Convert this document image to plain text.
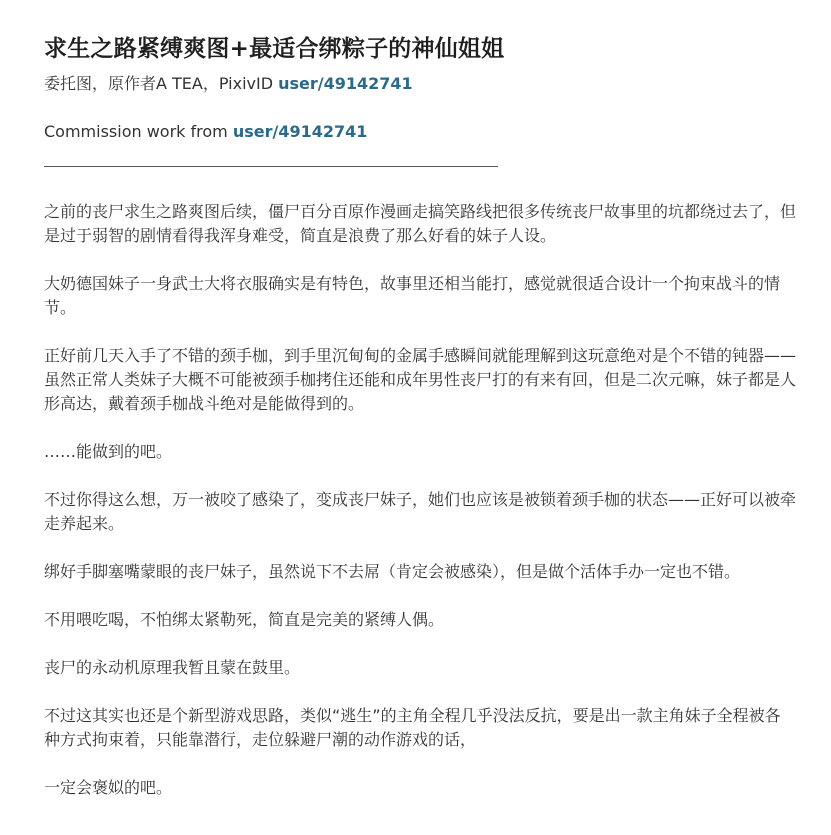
求生之路紧缚爽图+最适合绑粽子的神仙姐姐
委托图，原作者A TEA，PixivID user/49142741
Commission work from user/49142741

之前的丧尸求生之路爽图后续，僵尸百分百原作漫画走搞笑路线把很多传统丧尸故事里的坑都绕过去了，但是过于弱智的剧情看得我浑身难受，简直是浪费了那么好看的妹子人设。

大奶德国妹子一身武士大将衣服确实是有特色，故事里还相当能打，感觉就很适合设计一个拘束战斗的情节。

正好前几天入手了不错的颈手枷，到手里沉甸甸的金属手感瞬间就能理解到这玩意绝对是个不错的钝器——虽然正常人类妹子大概不可能被颈手枷拷住还能和成年男性丧尸打的有来有回，但是二次元嘛，妹子都是人形高达，戴着颈手枷战斗绝对是能做得到的。

……能做到的吧。

不过你得这么想，万一被咬了感染了，变成丧尸妹子，她们也应该是被锁着颈手枷的状态——正好可以被牵走养起来。

绑好手脚塞嘴蒙眼的丧尸妹子，虽然说下不去屌（肯定会被感染），但是做个活体手办一定也不错。

不用喂吃喝，不怕绑太紧勒死，简直是完美的紧缚人偶。

丧尸的永动机原理我暂且蒙在鼓里。

不过这其实也还是个新型游戏思路，类似“逃生”的主角全程几乎没法反抗，要是出一款主角妹子全程被各种方式拘束着，只能靠潜行，走位躲避尸潮的动作游戏的话，

一定会褒姒的吧。
